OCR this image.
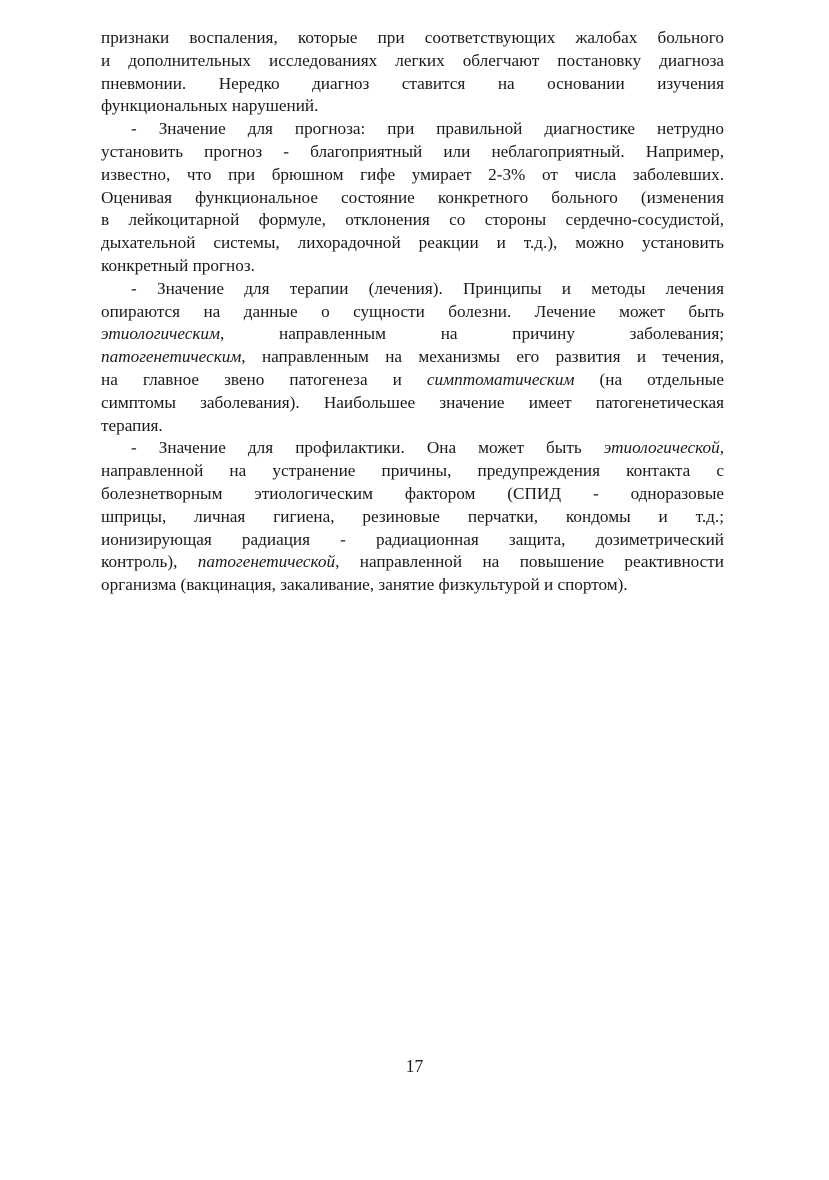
признаки воспаления, которые при соответствующих жалобах больного
и дополнительных исследованиях легких облегчают постановку диагноза
пневмонии. Нередко диагноз ставится на основании изучения
функциональных нарушений.
- Значение для прогноза: при правильной диагностике нетрудно
установить прогноз - благоприятный или неблагоприятный. Например,
известно, что при брюшном гифе умирает 2-3% от числа заболевших.
Оценивая функциональное состояние конкретного больного (изменения
в лейкоцитарной формуле, отклонения со стороны сердечно-сосудистой,
дыхательной системы, лихорадочной реакции и т.д.), можно установить
конкретный прогноз.
- Значение для терапии (лечения). Принципы и методы лечения
опираются на данные о сущности болезни. Лечение может быть
этиологическим, направленным на причину заболевания;
патогенетическим, направленным на механизмы его развития и течения,
на главное звено патогенеза и симптоматическим (на отдельные
симптомы заболевания). Наибольшее значение имеет патогенетическая
терапия.
- Значение для профилактики. Она может быть этиологической,
направленной на устранение причины, предупреждения контакта с
болезнетворным этиологическим фактором (СПИД - одноразовые
шприцы, личная гигиена, резиновые перчатки, кондомы и т.д.;
ионизирующая радиация - радиационная защита, дозиметрический
контроль), патогенетической, направленной на повышение реактивности
организма (вакцинация, закаливание, занятие физкультурой и спортом).
17
